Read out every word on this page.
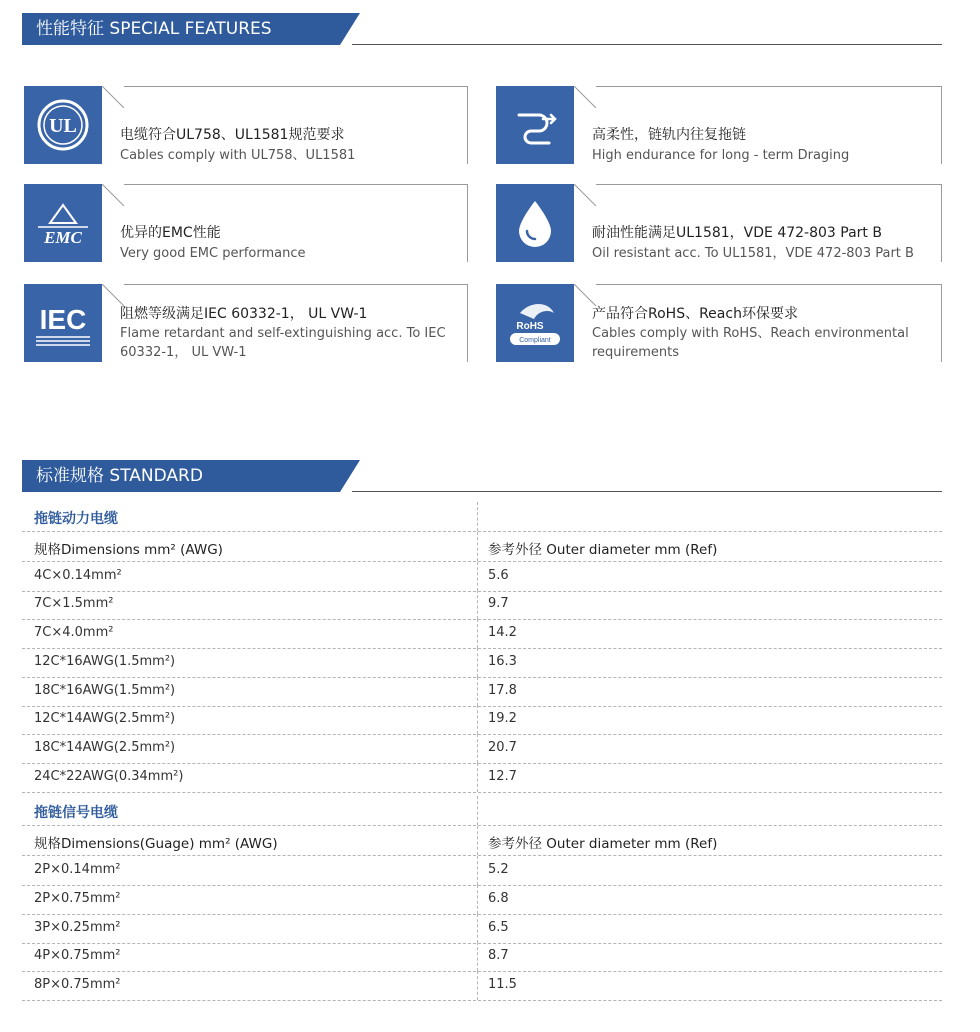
性能特征 SPECIAL FEATURES
UL	电缆符合UL758、UL1581规范要求
Cables comply with UL758、UL1581
高柔性，链轨内往复拖链
High endurance for long - term Draging
EMC	优异的EMC性能
Very good EMC performance
耐油性能满足UL1581，VDE 472-803 Part B
Oil resistant acc. To UL1581，VDE 472-803 Part B
IEC 阻燃等级满足IEC 60332-1， UL VW-1
Flame retardant and self-extinguishing acc. To IEC 60332-1， UL VW-1
RoHS
Compliant
产品符合RoHS、Reach环保要求
Cables comply with RoHS、Reach environmental requirements
标准规格 STANDARD
拖链动力电缆
规格Dimensions mm² (AWG)	参考外径 Outer diameter mm (Ref)
4C×0.14mm²	5.6
7C×1.5mm²	9.7
7C×4.0mm²	14.2
12C*16AWG(1.5mm²)	16.3
18C*16AWG(1.5mm²)	17.8
12C*14AWG(2.5mm²)	19.2
18C*14AWG(2.5mm²)	20.7
24C*22AWG(0.34mm²)	12.7
拖链信号电缆
规格Dimensions(Guage) mm² (AWG)	参考外径 Outer diameter mm (Ref)
2P×0.14mm²	5.2
2P×0.75mm²	6.8
3P×0.25mm²	6.5
4P×0.75mm²	8.7
8P×0.75mm²	11.5
